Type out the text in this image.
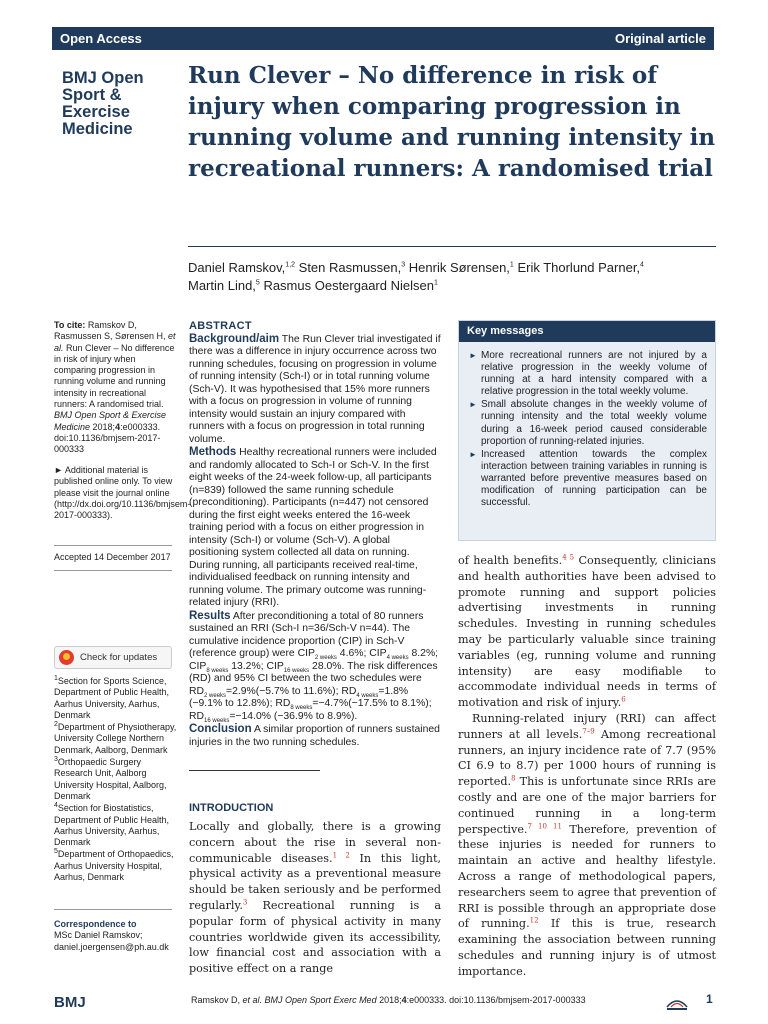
Open Access	Original article
BMJ Open
Sport &
Exercise
Medicine
Run Clever – No difference in risk of injury when comparing progression in running volume and running intensity in recreational runners: A randomised trial
Daniel Ramskov,$^{1,2}$ Sten Rasmussen,$^3$ Henrik Sørensen,$^1$ Erik Thorlund Parner,$^4$
Martin Lind,$^5$ Rasmus Oestergaard Nielsen$^1$
To cite: Ramskov D, Rasmussen S, Sørensen H, et al. Run Clever – No difference in risk of injury when comparing progression in running volume and running intensity in recreational runners: A randomised trial. BMJ Open Sport & Exercise Medicine 2018;4:e000333. doi:10.1136/bmjsem-2017-000333
► Additional material is published online only. To view please visit the journal online (http://dx.doi.org/10.1136/bmjsem-2017-000333).
Accepted 14 December 2017
Check for updates

$^1$Section for Sports Science, Department of Public Health, Aarhus University, Aarhus, Denmark

$^2$Department of Physiotherapy, University College Northern Denmark, Aalborg, Denmark

$^3$Orthopaedic Surgery Research Unit, Aalborg University Hospital, Aalborg, Denmark

$^4$Section for Biostatistics, Department of Public Health, Aarhus University, Aarhus, Denmark

$^5$Department of Orthopaedics, Aarhus University Hospital, Aarhus, Denmark

Correspondence to
MSc Daniel Ramskov; daniel.joergensen@ph.au.dk
ABSTRACT

Background/aim The Run Clever trial investigated if there was a difference in injury occurrence across two running schedules, focusing on progression in volume of running intensity (Sch-I) or in total running volume (Sch-V). It was hypothesised that 15% more runners with a focus on progression in volume of running intensity would sustain an injury compared with runners with a focus on progression in total running volume.

Methods Healthy recreational runners were included and randomly allocated to Sch-I or Sch-V. In the first eight weeks of the 24-week follow-up, all participants (n=839) followed the same running schedule (preconditioning). Participants (n=447) not censored during the first eight weeks entered the 16-week training period with a focus on either progression in intensity (Sch-I) or volume (Sch-V). A global positioning system collected all data on running. During running, all participants received real-time, individualised feedback on running intensity and running volume. The primary outcome was running-related injury (RRI).

Results After preconditioning a total of 80 runners sustained an RRI (Sch-I n=36/Sch-V n=44). The cumulative incidence proportion (CIP) in Sch-V (reference group) were $CIP_{2 weeks}$ 4.6%; $CIP_{4 weeks}$ 8.2%; $CIP_{8 weeks}$ 13.2%; $CIP_{16 weeks}$ 28.0%. The risk differences (RD) and 95% CI between the two schedules were $RD_{2 weeks}=2.9\%(-5.7\%$ to 11.6%); $RD_{4 weeks}=1.8\%(-9.1\%$ to 12.8%); $RD_{8 weeks}=-4.7\%(-17.5\%$ to 8.1%); $RD_{16 weeks}=-14.0\%$ (−36.9% to 8.9%).

Conclusion A similar proportion of runners sustained injuries in the two running schedules.

INTRODUCTION

Locally and globally, there is a growing concern about the rise in several non-communicable diseases.$^{1 2}$ In this light, physical activity as a preventional measure should be taken seriously and be performed regularly.$^3$ Recreational running is a popular form of physical activity in many countries worldwide given its accessibility, low financial cost and association with a positive effect on a range

Key messages
► More recreational runners are not injured by a relative progression in the weekly volume of running at a hard intensity compared with a relative progression in the total weekly volume.
► Small absolute changes in the weekly volume of running intensity and the total weekly volume during a 16-week period caused considerable proportion of running-related injuries.
► Increased attention towards the complex interaction between training variables in running is warranted before preventive measures based on modification of running participation can be successful.

of health benefits.$^{4 5}$ Consequently, clinicians and health authorities have been advised to promote running and support policies advertising investments in running schedules. Investing in running schedules may be particularly valuable since training variables (eg, running volume and running intensity) are easy modifiable to accommodate individual needs in terms of motivation and risk of injury.$^6$

Running-related injury (RRI) can affect runners at all levels.$^{7-9}$ Among recreational runners, an injury incidence rate of 7.7 (95% CI 6.9 to 8.7) per 1000 hours of running is reported.$^8$ This is unfortunate since RRIs are costly and are one of the major barriers for continued running in a long-term perspective.$^{7 10 11}$ Therefore, prevention of these injuries is needed for runners to maintain an active and healthy lifestyle. Across a range of methodological papers, researchers seem to agree that prevention of RRI is possible through an appropriate dose of running.$^{12}$ If this is true, research examining the association between running schedules and running injury is of utmost importance.

BMJ	Ramskov D, et al. BMJ Open Sport Exerc Med 2018;4:e000333. doi:10.1136/bmjsem-2017-000333	1
